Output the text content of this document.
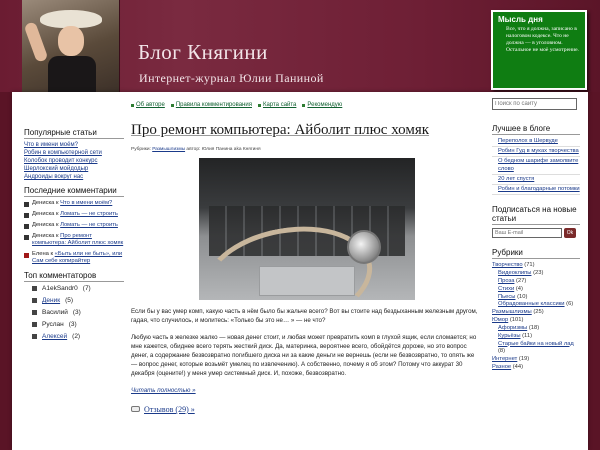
Блог Княгини
Интернет-журнал Юлии Паниной
Мысль дня
Все, что я должна, записано в налоговом кодексе. Что не должна — в уголовном. Остальное не моё усмотрение.
Об авторе Правила комментирования Карта сайта Рекомендую
Поиск по сайту
Популярные статьи
Что в имени моём?
Робин в компьютерной сети
Колобок проводит конкурс
Шерлокский мойдодыр
Андроиды вокруг нас
Последние комментарии
Дениска к Что в имени моём?
Дениска к Ломать — не строить
Дениска к Ломать — не строить
Дениска к Про ремонт компьютера: Айболит плюс хомяк
Елена к «Быть или не быть», или Сам себе копирайтер
Топ комментаторов
A1ekSandr0 (7)
Деник (5)
Василий (3)
Руслан (3)
Алексей (2)
Про ремонт компьютера: Айболит плюс хомяк
Рубрики: Размышлизмы автор: Юлия Панина aka Княгиня
Если бы у вас умер комп, какую часть в нём было бы жальче всего? Вот вы стоите над бездыханным железным другом, гадая, что случилось, и молитесь: «Только бы это не… » — не что?
Любую часть в железке жалко — новая денег стоит, и любая может превратить комп в глухой ящик, если сломается; но мне кажется, обиднее всего терять жесткий диск. Да, материнка, вероятнее всего, обойдётся дороже, но это вопрос денег, а содержание безвозвратно погибшего диска ни за какие деньги не вернешь (если не безвозвратно, то опять же — вопрос денег, которые возьмёт умелец по извлечению). А собственно, почему я об этом? Потому что аккурат 30 декабря (оцените!) у меня умер системный диск. И, похоже, безвозвратно.
Читать полностью »
Отзывов (29) »
Лучшее в блоге
Переполох в Шервуде
Робин Гуд в муках творчества
О бедном шарифе замолвите слово
20 лет спустя
Робин и благодарные потомки
Подписаться на новые статьи
Ваш E-mail
Ok
Рубрики
Творчество (71)
Видеоклипы (23)
Проза (27)
Стихи (4)
Пьесы (10)
Обрадованные классики (6)
Размышлизмы (25)
Юмор (101)
Афоризмы (18)
Курьёзы (11)
Старые байки на новый лад (8)
Интернет (19)
Разное (44)
